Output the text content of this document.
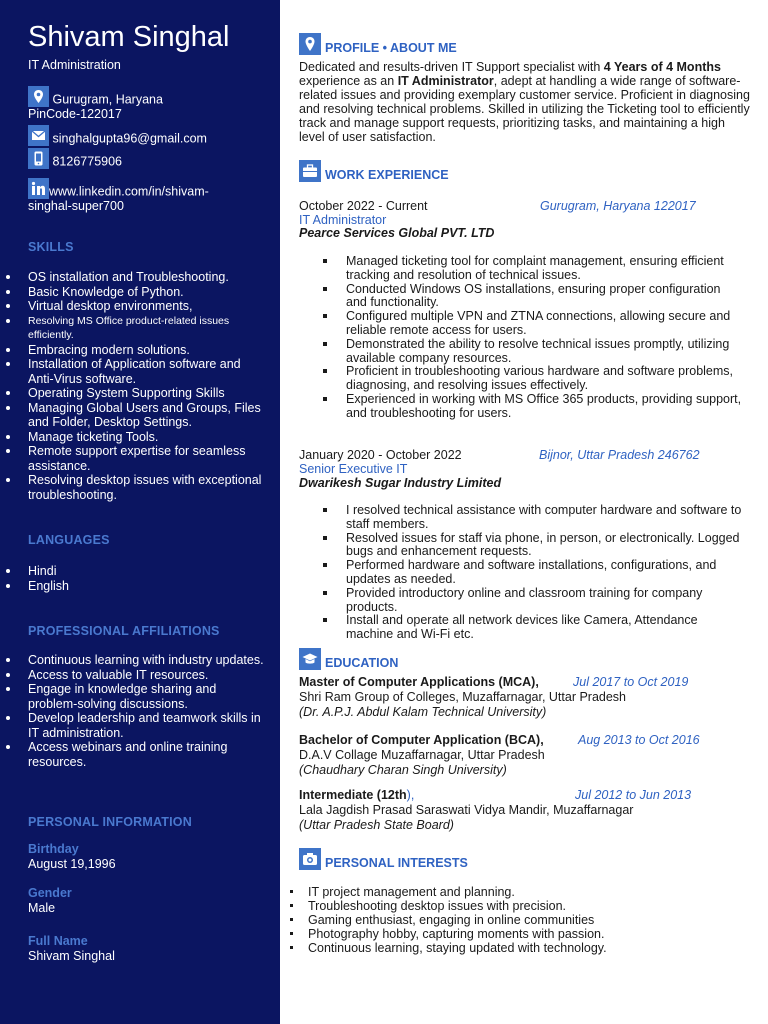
Shivam Singhal
IT Administration
Gurugram, Haryana
PinCode-122017
singhalgupta96@gmail.com
8126775906
www.linkedin.com/in/shivam-
singhal-super700
SKILLS
OS installation and Troubleshooting.
Basic Knowledge of Python.
Virtual desktop environments,
Resolving MS Office product-related issues efficiently.
Embracing modern solutions.
Installation of Application software and Anti-Virus software.
Operating System Supporting Skills
Managing Global Users and Groups, Files and Folder, Desktop Settings.
Manage ticketing Tools.
Remote support expertise for seamless assistance.
Resolving desktop issues with exceptional troubleshooting.
LANGUAGES
Hindi
English
PROFESSIONAL AFFILIATIONS
Continuous learning with industry updates.
Access to valuable IT resources.
Engage in knowledge sharing and problem-solving discussions.
Develop leadership and teamwork skills in IT administration.
Access webinars and online training resources.
PERSONAL INFORMATION
Birthday
August 19,1996
Gender
Male
Full Name
Shivam Singhal
PROFILE • ABOUT ME
Dedicated and results-driven IT Support specialist with 4 Years of 4 Months experience as an IT Administrator, adept at handling a wide range of software-related issues and providing exemplary customer service. Proficient in diagnosing and resolving technical problems. Skilled in utilizing the Ticketing tool to efficiently track and manage support requests, prioritizing tasks, and maintaining a high level of user satisfaction.
WORK EXPERIENCE
October 2022 - Current	Gurugram, Haryana 122017
IT Administrator
Pearce Services Global PVT. LTD
Managed ticketing tool for complaint management, ensuring efficient tracking and resolution of technical issues.
Conducted Windows OS installations, ensuring proper configuration and functionality.
Configured multiple VPN and ZTNA connections, allowing secure and reliable remote access for users.
Demonstrated the ability to resolve technical issues promptly, utilizing available company resources.
Proficient in troubleshooting various hardware and software problems, diagnosing, and resolving issues effectively.
Experienced in working with MS Office 365 products, providing support, and troubleshooting for users.
January 2020 - October 2022	Bijnor, Uttar Pradesh 246762
Senior Executive IT
Dwarikesh Sugar Industry Limited
I resolved technical assistance with computer hardware and software to staff members.
Resolved issues for staff via phone, in person, or electronically. Logged bugs and enhancement requests.
Performed hardware and software installations, configurations, and updates as needed.
Provided introductory online and classroom training for company products.
Install and operate all network devices like Camera, Attendance machine and Wi-Fi etc.
EDUCATION
Master of Computer Applications (MCA),	Jul 2017 to Oct 2019
Shri Ram Group of Colleges, Muzaffarnagar, Uttar Pradesh
(Dr. A.P.J. Abdul Kalam Technical University)
Bachelor of Computer Application (BCA),	Aug 2013 to Oct 2016
D.A.V Collage Muzaffarnagar, Uttar Pradesh
(Chaudhary Charan Singh University)
Intermediate (12th),	Jul 2012 to Jun 2013
Lala Jagdish Prasad Saraswati Vidya Mandir, Muzaffarnagar
(Uttar Pradesh State Board)
PERSONAL INTERESTS
IT project management and planning.
Troubleshooting desktop issues with precision.
Gaming enthusiast, engaging in online communities
Photography hobby, capturing moments with passion.
Continuous learning, staying updated with technology.
